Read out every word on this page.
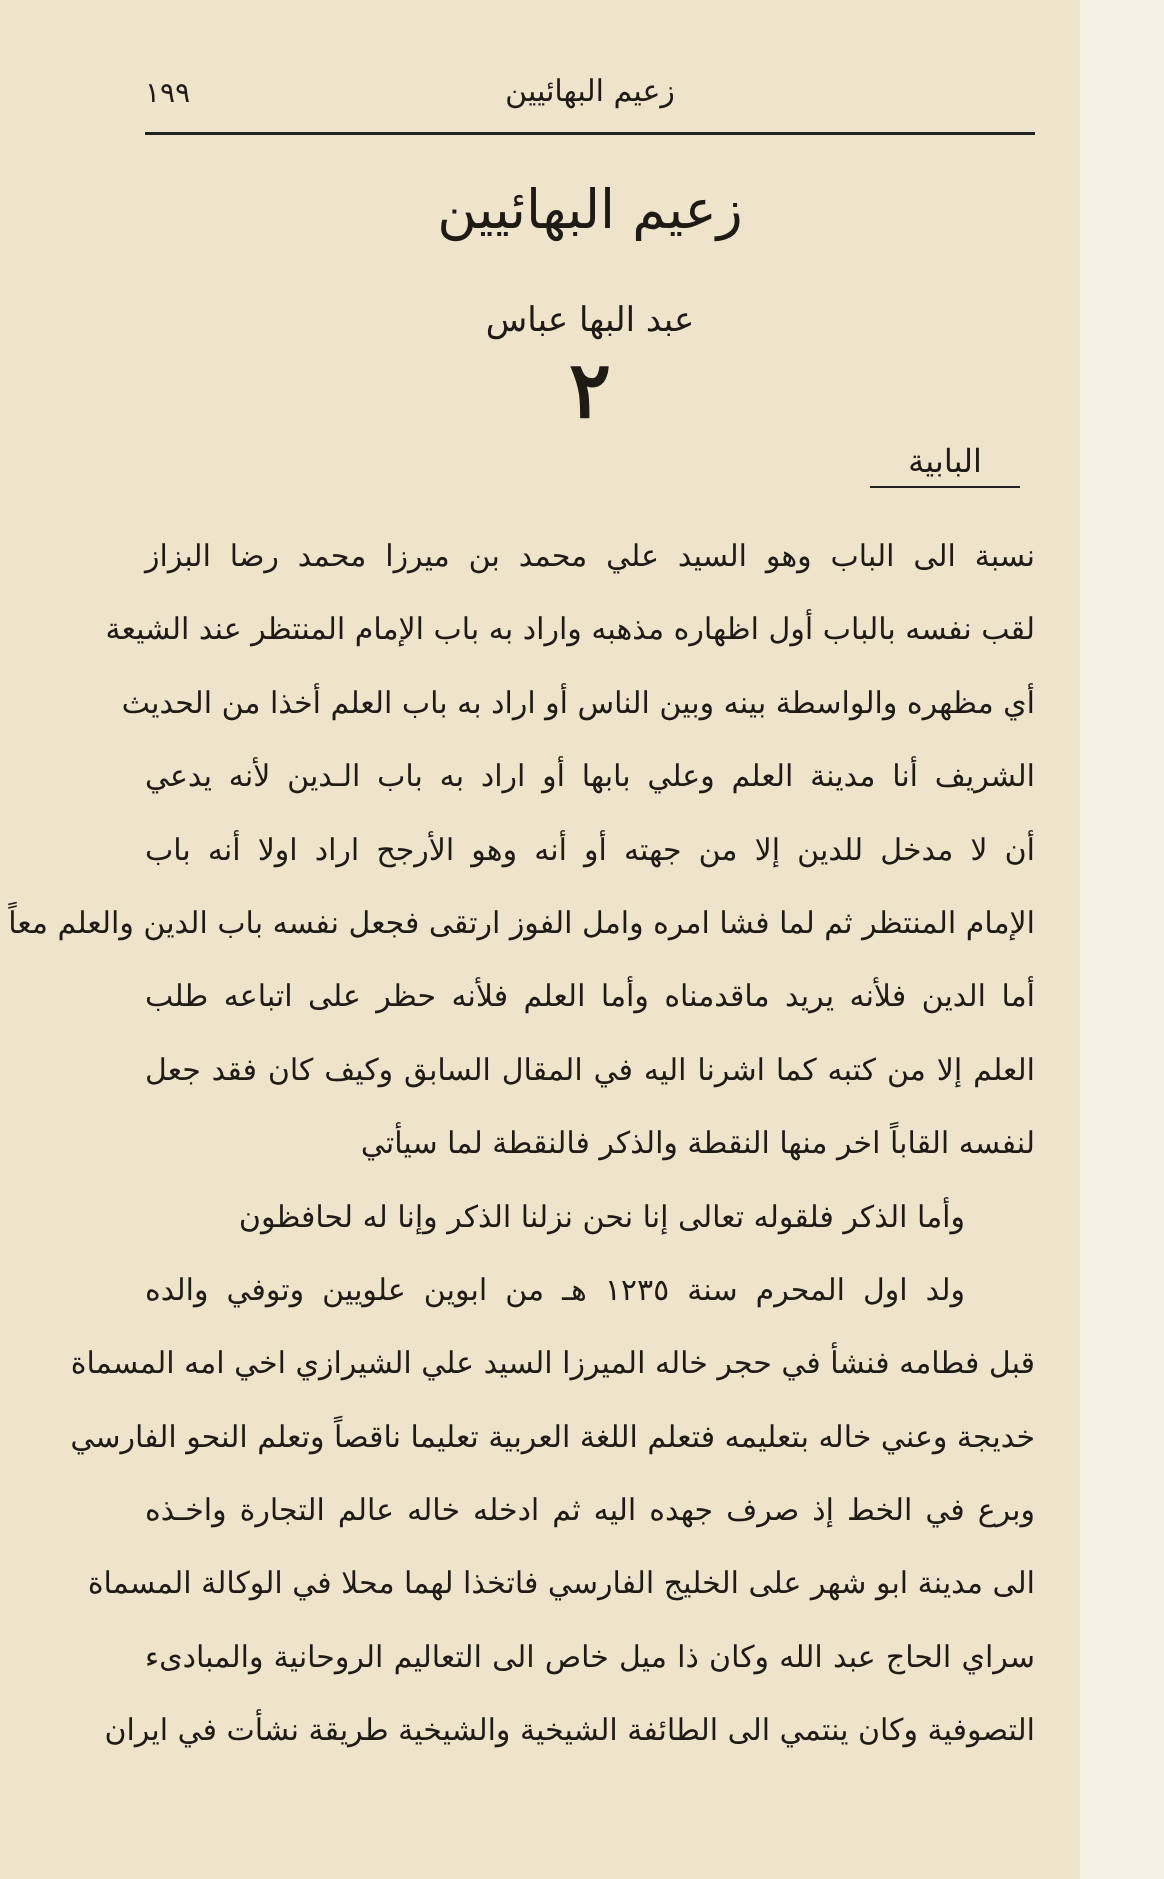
زعيم البهائيين
١٩٩
زعيم البهائيين
عبد البها عباس
٢
البابية
نسبة الى الباب وهو السيد علي محمد بن ميرزا محمد رضا البزاز
لقب نفسه بالباب أول اظهاره مذهبه واراد به باب الإمام المنتظر عند الشيعة
أي مظهره والواسطة بينه وبين الناس أو اراد به باب العلم أخذا من الحديث
الشريف أنا مدينة العلم وعلي بابها أو اراد به باب الـدين لأنه يدعي
أن لا مدخل للدين إلا من جهته أو أنه وهو الأرجح اراد اولا أنه باب
الإمام المنتظر ثم لما فشا امره وامل الفوز ارتقى فجعل نفسه باب الدين والعلم معاً
أما الدين فلأنه يريد ماقدمناه وأما العلم فلأنه حظر على اتباعه طلب
العلم إلا من كتبه كما اشرنا اليه في المقال السابق وكيف كان فقد جعل
لنفسه القاباً اخر منها النقطة والذكر فالنقطة لما سيأتي
وأما الذكر فلقوله تعالى إنا نحن نزلنا الذكر وإنا له لحافظون
ولد اول المحرم سنة ١٢٣٥ هـ من ابوين علويين وتوفي والده
قبل فطامه فنشأ في حجر خاله الميرزا السيد علي الشيرازي اخي امه المسماة
خديجة وعني خاله بتعليمه فتعلم اللغة العربية تعليما ناقصاً وتعلم النحو الفارسي
وبرع في الخط إذ صرف جهده اليه ثم ادخله خاله عالم التجارة واخـذه
الى مدينة ابو شهر على الخليج الفارسي فاتخذا لهما محلا في الوكالة المسماة
سراي الحاج عبد الله وكان ذا ميل خاص الى التعاليم الروحانية والمبادىء
التصوفية وكان ينتمي الى الطائفة الشيخية والشيخية طريقة نشأت في ايران
